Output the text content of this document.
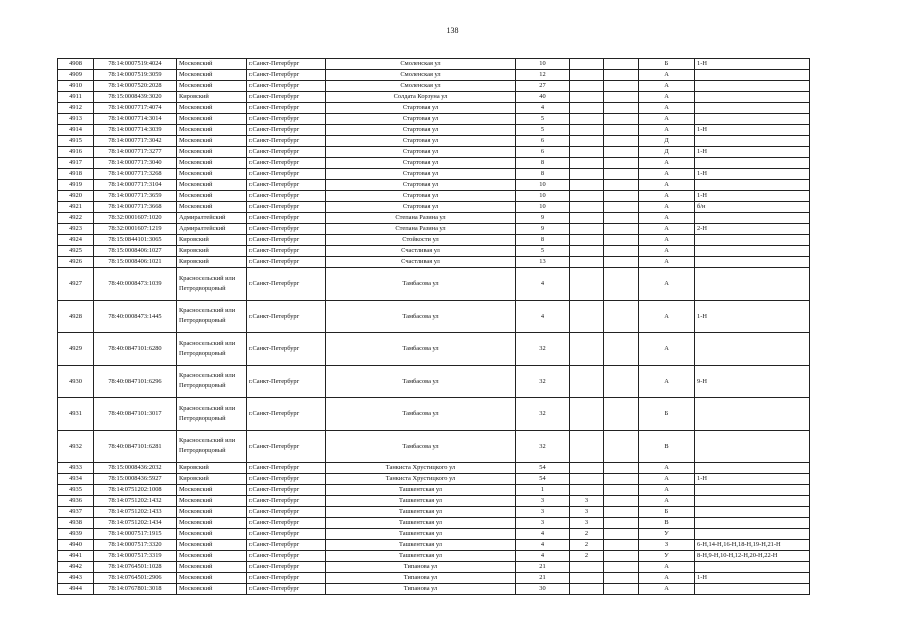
138
4908	78:14:0007519:4024	Московский	г.Санкт-Петербург	Смоленская ул	10			Б	1-Н
4909	78:14:0007519:3059	Московский	г.Санкт-Петербург	Смоленская ул	12			А	
4910	78:14:0007520:2028	Московский	г.Санкт-Петербург	Смоленская ул	27			А	
4911	78:15:0008439:3020	Кировский	г.Санкт-Петербург	Солдата Корзуна ул	40			А	
4912	78:14:0007717:4074	Московский	г.Санкт-Петербург	Стартовая ул	4			А	
4913	78:14:0007714:3014	Московский	г.Санкт-Петербург	Стартовая ул	5			А	
4914	78:14:0007714:3039	Московский	г.Санкт-Петербург	Стартовая ул	5			А	1-Н
4915	78:14:0007717:3042	Московский	г.Санкт-Петербург	Стартовая ул	6			Д	
4916	78:14:0007717:3277	Московский	г.Санкт-Петербург	Стартовая ул	6			Д	1-Н
4917	78:14:0007717:3040	Московский	г.Санкт-Петербург	Стартовая ул	8			А	
4918	78:14:0007717:3268	Московский	г.Санкт-Петербург	Стартовая ул	8			А	1-Н
4919	78:14:0007717:3104	Московский	г.Санкт-Петербург	Стартовая ул	10			А	
4920	78:14:0007717:3659	Московский	г.Санкт-Петербург	Стартовая ул	10			А	1-Н
4921	78:14:0007717:3668	Московский	г.Санкт-Петербург	Стартовая ул	10			А	б/н
4922	78:32:0001607:1020	Адмиралтейский	г.Санкт-Петербург	Степана Разина ул	9			А	
4923	78:32:0001607:1219	Адмиралтейский	г.Санкт-Петербург	Степана Разина ул	9			А	2-Н
4924	78:15:0844101:3065	Кировский	г.Санкт-Петербург	Стойкости ул	8			А	
4925	78:15:0008406:1027	Кировский	г.Санкт-Петербург	Счастливая ул	5			А	
4926	78:15:0008406:1021	Кировский	г.Санкт-Петербург	Счастливая ул	13			А	
4927	78:40:0008473:1039	Красносельский или Петродворцовый	г.Санкт-Петербург	Тамбасова ул	4			А	
4928	78:40:0008473:1445	Красносельский или Петродворцовый	г.Санкт-Петербург	Тамбасова ул	4			А	1-Н
4929	78:40:0847101:6280	Красносельский или Петродворцовый	г.Санкт-Петербург	Тамбасова ул	32			А	
4930	78:40:0847101:6296	Красносельский или Петродворцовый	г.Санкт-Петербург	Тамбасова ул	32			А	9-Н
4931	78:40:0847101:3017	Красносельский или Петродворцовый	г.Санкт-Петербург	Тамбасова ул	32			Б	
4932	78:40:0847101:6281	Красносельский или Петродворцовый	г.Санкт-Петербург	Тамбасова ул	32			В	
4933	78:15:0008436:2032	Кировский	г.Санкт-Петербург	Танкиста Хрустицкого ул	54			А	
4934	78:15:0008436:5927	Кировский	г.Санкт-Петербург	Танкиста Хрустицкого ул	54			А	1-Н
4935	78:14:0751202:1008	Московский	г.Санкт-Петербург	Ташкентская ул	1			А	
4936	78:14:0751202:1432	Московский	г.Санкт-Петербург	Ташкентская ул	3	3		А	
4937	78:14:0751202:1433	Московский	г.Санкт-Петербург	Ташкентская ул	3	3		Б	
4938	78:14:0751202:1434	Московский	г.Санкт-Петербург	Ташкентская ул	3	3		В	
4939	78:14:0007517:1915	Московский	г.Санкт-Петербург	Ташкентская ул	4	2		У	
4940	78:14:0007517:3320	Московский	г.Санкт-Петербург	Ташкентская ул	4	2		З	6-Н,14-Н,16-Н,18-Н,19-Н,21-Н
4941	78:14:0007517:3319	Московский	г.Санкт-Петербург	Ташкентская ул	4	2		У	8-Н,9-Н,10-Н,12-Н,20-Н,22-Н
4942	78:14:0764501:1028	Московский	г.Санкт-Петербург	Типанова ул	21			А	
4943	78:14:0764501:2906	Московский	г.Санкт-Петербург	Типанова ул	21			А	1-Н
4944	78:14:0767801:3018	Московский	г.Санкт-Петербург	Типанова ул	30			А	
